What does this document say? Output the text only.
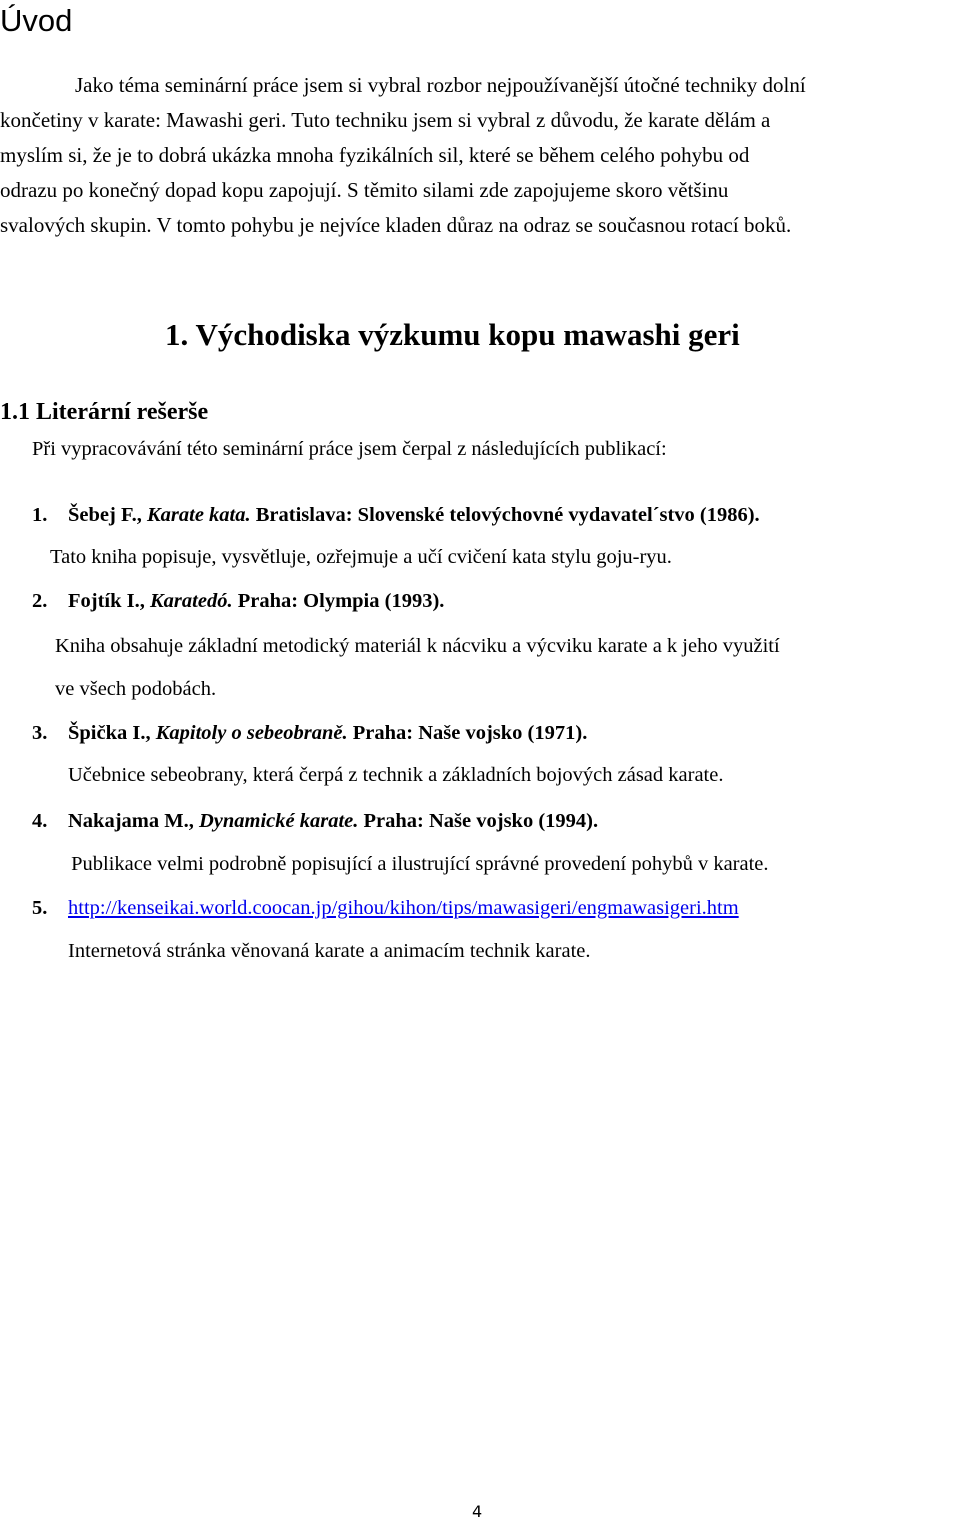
Úvod
Jako téma seminární práce jsem si vybral rozbor nejpoužívanější útočné techniky dolní
končetiny v karate: Mawashi geri. Tuto techniku jsem si vybral z důvodu, že karate dělám a
myslím si, že je to dobrá ukázka mnoha fyzikálních sil, které se během celého pohybu od
odrazu po konečný dopad kopu zapojují. S těmito silami zde zapojujeme skoro většinu
svalových skupin. V tomto pohybu je nejvíce kladen důraz na odraz se současnou rotací boků.
1. Východiska výzkumu kopu mawashi geri
1.1 Literární rešerše
Při vypracovávání této seminární práce jsem čerpal z následujících publikací:
1. Šebej F., Karate kata. Bratislava: Slovenské telovýchovné vydavatel´stvo (1986).
Tato kniha popisuje, vysvětluje, ozřejmuje a učí cvičení kata stylu goju-ryu.
2. Fojtík I., Karatedó. Praha: Olympia (1993).
Kniha obsahuje základní metodický materiál k nácviku a výcviku karate a k jeho využití
ve všech podobách.
3. Špička I., Kapitoly o sebeobraně. Praha: Naše vojsko (1971).
Učebnice sebeobrany, která čerpá z technik a základních bojových zásad karate.
4. Nakajama M., Dynamické karate. Praha: Naše vojsko (1994).
Publikace velmi podrobně popisující a ilustrující správné provedení pohybů v karate.
5. http://kenseikai.world.coocan.jp/gihou/kihon/tips/mawasigeri/engmawasigeri.htm
Internetová stránka věnovaná karate a animacím technik karate.
4
